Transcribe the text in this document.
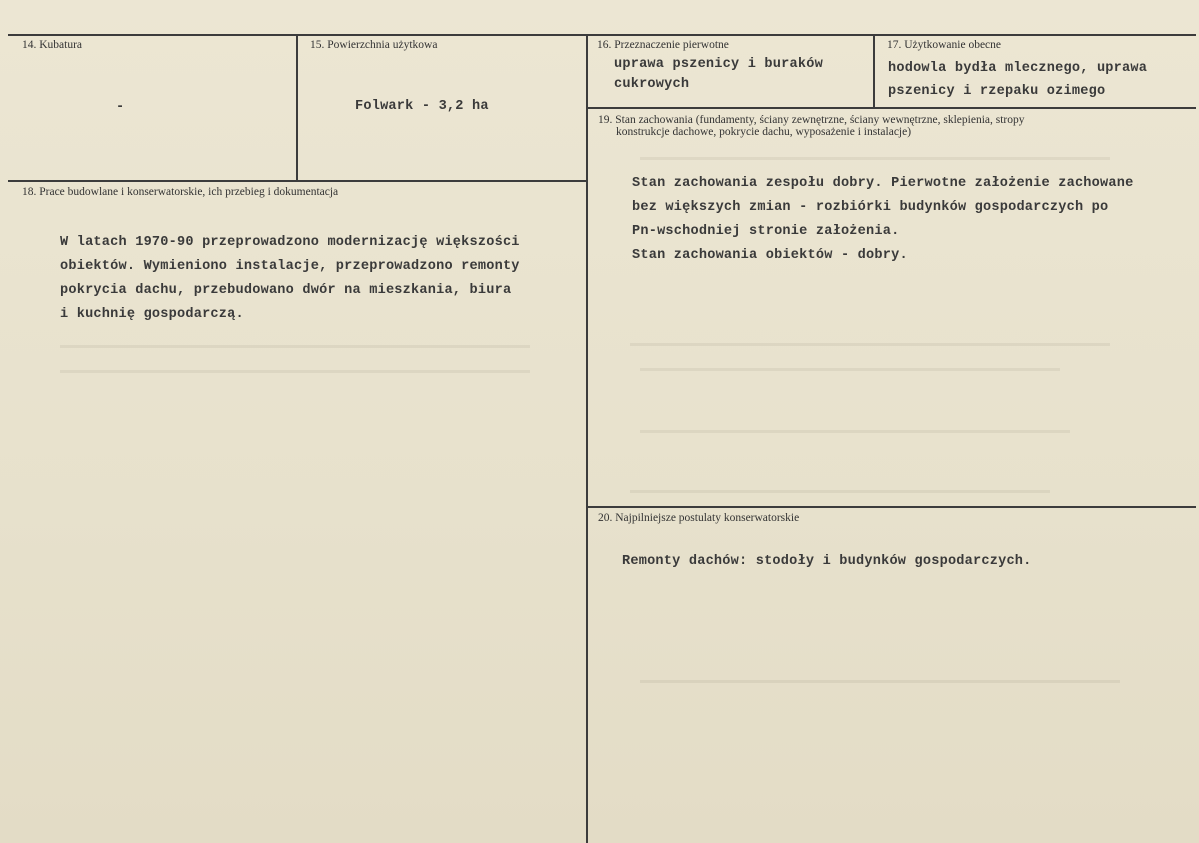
14. Kubatura
-
15. Powierzchnia użytkowa
Folwark - 3,2 ha
16. Przeznaczenie pierwotne
uprawa pszenicy i buraków
cukrowych
17. Użytkowanie obecne
hodowla bydła mlecznego, uprawa
pszenicy i rzepaku ozimego
18. Prace budowlane i konserwatorskie, ich przebieg i dokumentacja
W latach 1970-90 przeprowadzono modernizację większości
obiektów. Wymieniono instalacje, przeprowadzono remonty
pokrycia dachu, przebudowano dwór na mieszkania, biura
i kuchnię gospodarczą.
19. Stan zachowania (fundamenty, ściany zewnętrzne, ściany wewnętrzne, sklepienia, stropy
konstrukcje dachowe, pokrycie dachu, wyposażenie i instalacje)
Stan zachowania zespołu dobry. Pierwotne założenie zachowane
bez większych zmian - rozbiórki budynków gospodarczych po
Pn-wschodniej stronie założenia.
Stan zachowania obiektów - dobry.
20. Najpilniejsze postulaty konserwatorskie
Remonty dachów: stodoły i budynków gospodarczych.
